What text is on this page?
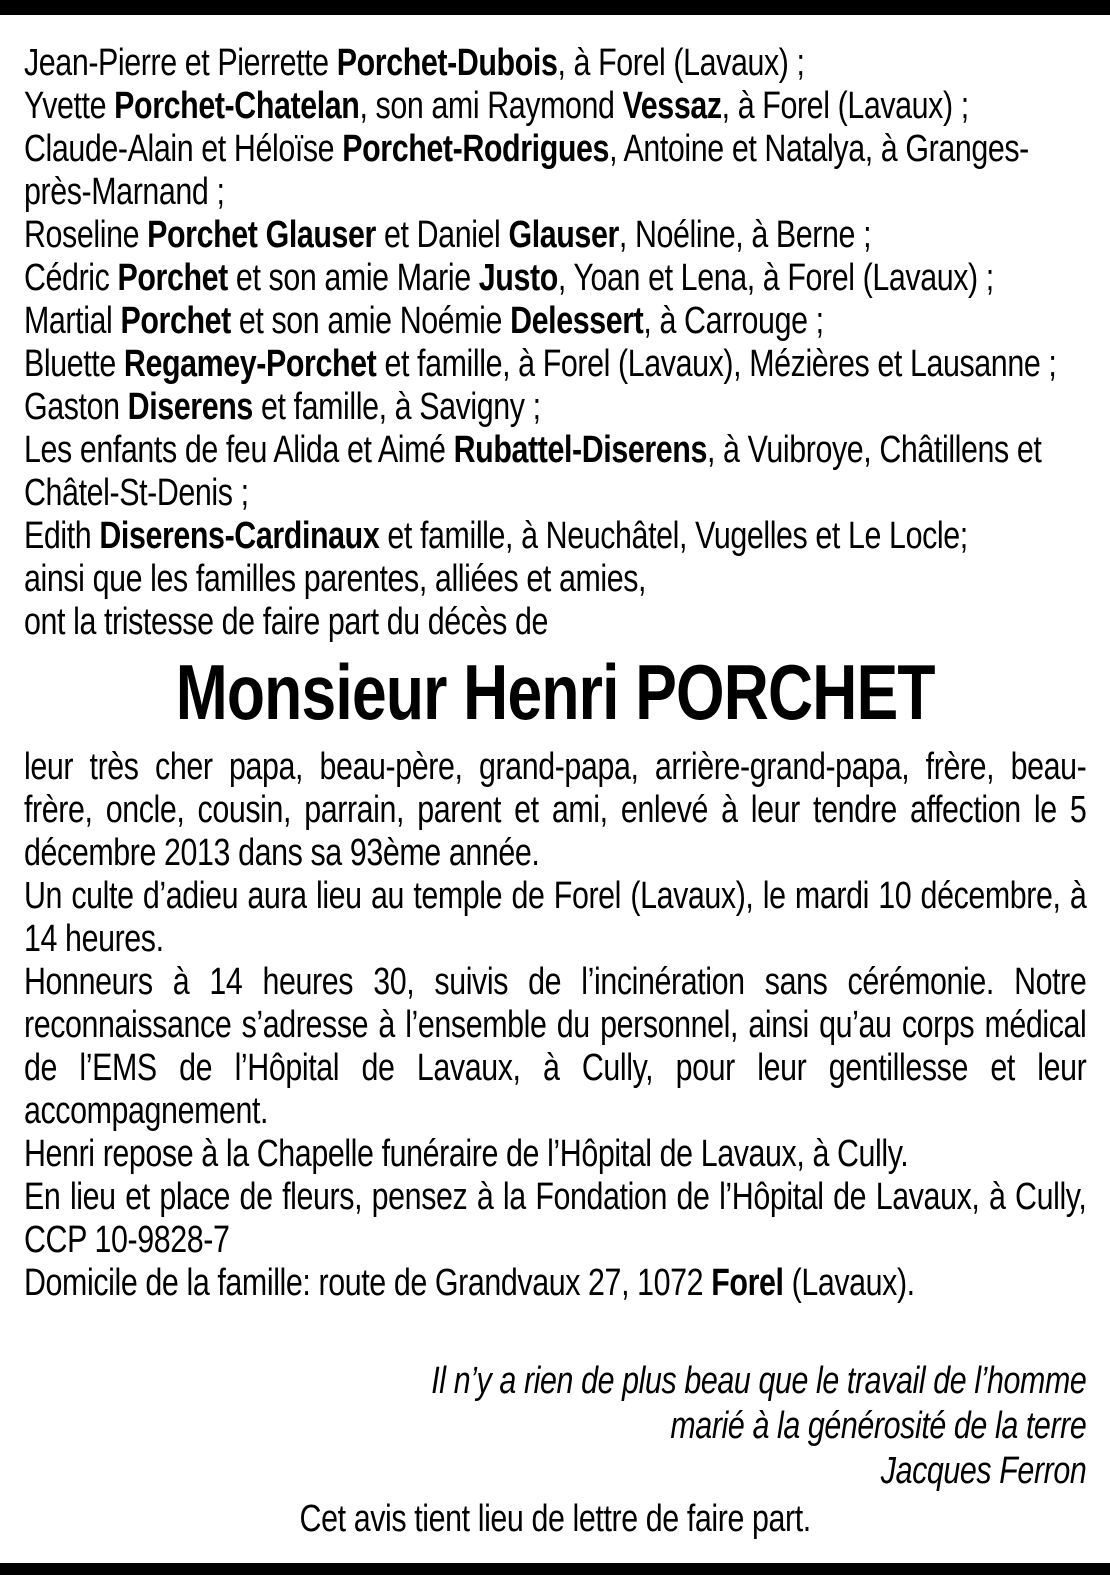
Jean-Pierre et Pierrette Porchet-Dubois, à Forel (Lavaux) ;

Yvette Porchet-Chatelan, son ami Raymond Vessaz, à Forel (Lavaux) ;

Claude-Alain et Héloïse Porchet-Rodrigues, Antoine et Natalya, à Granges-près-Marnand ;

Roseline Porchet Glauser et Daniel Glauser, Noéline, à Berne ;

Cédric Porchet et son amie Marie Justo, Yoan et Lena, à Forel (Lavaux) ;

Martial Porchet et son amie Noémie Delessert, à Carrouge ;

Bluette Regamey-Porchet et famille, à Forel (Lavaux), Mézières et Lausanne ;

Gaston Diserens et famille, à Savigny ;

Les enfants de feu Alida et Aimé Rubattel-Diserens, à Vuibroye, Châtillens et Châtel-St-Denis ;

Edith Diserens-Cardinaux et famille, à Neuchâtel, Vugelles et Le Locle;

ainsi que les familles parentes, alliées et amies,

ont la tristesse de faire part du décès de

Monsieur Henri PORCHET

leur très cher papa, beau-père, grand-papa, arrière-grand-papa, frère, beau-frère, oncle, cousin, parrain, parent et ami, enlevé à leur tendre affection le 5 décembre 2013 dans sa 93ème année.

Un culte d’adieu aura lieu au temple de Forel (Lavaux), le mardi 10 décembre, à 14 heures.

Honneurs à 14 heures 30, suivis de l’incinération sans cérémonie. Notre reconnaissance s’adresse à l’ensemble du personnel, ainsi qu’au corps médical de l’EMS de l’Hôpital de Lavaux, à Cully, pour leur gentillesse et leur accompagnement.

Henri repose à la Chapelle funéraire de l’Hôpital de Lavaux, à Cully.

En lieu et place de fleurs, pensez à la Fondation de l’Hôpital de Lavaux, à Cully, CCP 10-9828-7

Domicile de la famille: route de Grandvaux 27, 1072 Forel (Lavaux).

Il n’y a rien de plus beau que le travail de l’homme

marié à la générosité de la terre

Jacques Ferron

Cet avis tient lieu de lettre de faire part.
